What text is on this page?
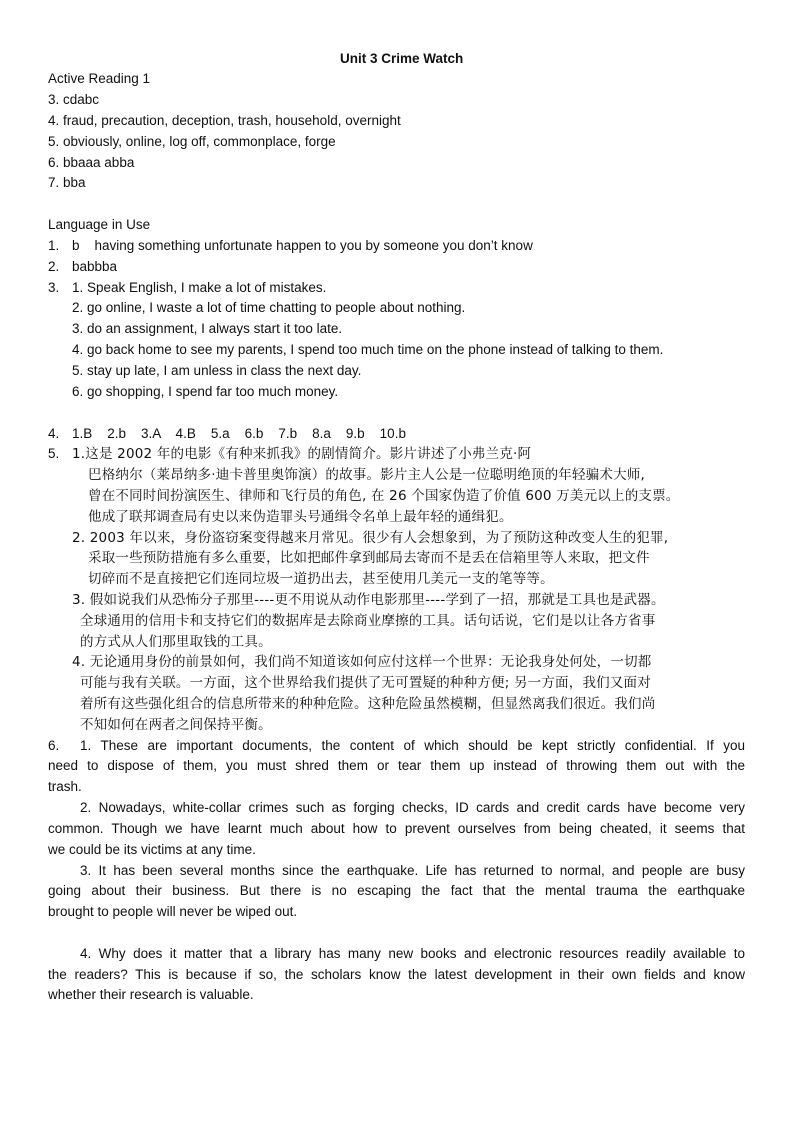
Unit 3 Crime Watch
Active Reading 1
3. cdabc
4. fraud, precaution, deception, trash, household, overnight
5. obviously, online, log off, commonplace, forge
6. bbaaa abba
7. bba
Language in Use
1. b    having something unfortunate happen to you by someone you don’t know
2. babbba
3. 1. Speak English, I make a lot of mistakes.
2. go online, I waste a lot of time chatting to people about nothing.
3. do an assignment, I always start it too late.
4. go back home to see my parents, I spend too much time on the phone instead of talking to them.
5. stay up late, I am unless in class the next day.
6. go shopping, I spend far too much money.
4. 1.B    2.b    3.A    4.B    5.a    6.b    7.b    8.a    9.b    10.b
5. 1.这是 2002 年的电影《有种来抓我》的剧情简介。影片讲述了小弗兰克·阿
巴格纳尔（莱昂纳多·迪卡普里奥饰演）的故事。影片主人公是一位聪明绝顶的年轻骗术大师,
曾在不同时间扮演医生、律师和飞行员的角色, 在 26 个国家伪造了价值 600 万美元以上的支票。
他成了联邦调查局有史以来伪造罪头号通缉令名单上最年轻的通缉犯。
2. 2003 年以来，身份盗窃案变得越来月常见。很少有人会想象到，为了预防这种改变人生的犯罪,
采取一些预防措施有多么重要，比如把邮件拿到邮局去寄而不是丢在信箱里等人来取，把文件
切碎而不是直接把它们连同垃圾一道扔出去，甚至使用几美元一支的笔等等。
3. 假如说我们从恐怖分子那里----更不用说从动作电影那里----学到了一招，那就是工具也是武器。
全球通用的信用卡和支持它们的数据库是去除商业摩擦的工具。话句话说，它们是以让各方省事
的方式从人们那里取钱的工具。
4. 无论通用身份的前景如何，我们尚不知道该如何应付这样一个世界：无论我身处何处，一切都
可能与我有关联。一方面，这个世界给我们提供了无可置疑的种种方便; 另一方面，我们又面对
着所有这些强化组合的信息所带来的种种危险。这种危险虽然模糊，但显然离我们很近。我们尚
不知如何在两者之间保持平衡。
6. 1. These are important documents, the content of which should be kept strictly confidential. If you
need to dispose of them, you must shred them or tear them up instead of throwing them out with the
trash.
2. Nowadays, white-collar crimes such as forging checks, ID cards and credit cards have become very
common. Though we have learnt much about how to prevent ourselves from being cheated, it seems that
we could be its victims at any time.
3. It has been several months since the earthquake. Life has returned to normal, and people are busy
going about their business. But there is no escaping the fact that the mental trauma the earthquake
brought to people will never be wiped out.
4. Why does it matter that a library has many new books and electronic resources readily available to
the readers? This is because if so, the scholars know the latest development in their own fields and know
whether their research is valuable.
